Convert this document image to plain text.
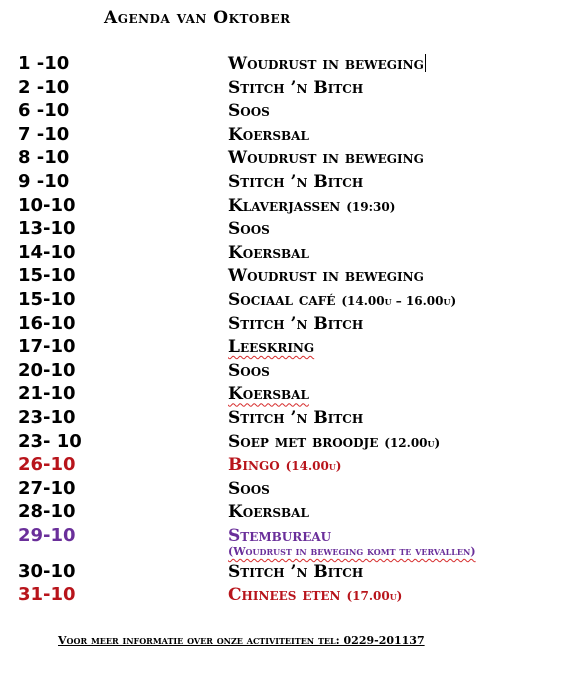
Agenda van Oktober
1 -10	Woudrust in beweging
2 -10	Stitch ’n Bitch
6 -10	Soos
7 -10	Koersbal
8 -10	Woudrust in beweging
9 -10	Stitch ’n Bitch
10-10	Klaverjassen (19:30)
13-10	Soos
14-10	Koersbal
15-10	Woudrust in beweging
15-10	Sociaal café (14.00u – 16.00u)
16-10	Stitch ’n Bitch
17-10	Leeskring
20-10	Soos
21-10	Koersbal
23-10	Stitch ’n Bitch
23- 10	Soep met broodje (12.00u)
26-10	Bingo (14.00u)
27-10	Soos
28-10	Koersbal
29-10	Stembureau
(Woudrust in beweging komt te vervallen)
30-10	Stitch ’n Bitch
31-10	Chinees eten (17.00u)
Voor meer informatie over onze activiteiten tel: 0229-201137
